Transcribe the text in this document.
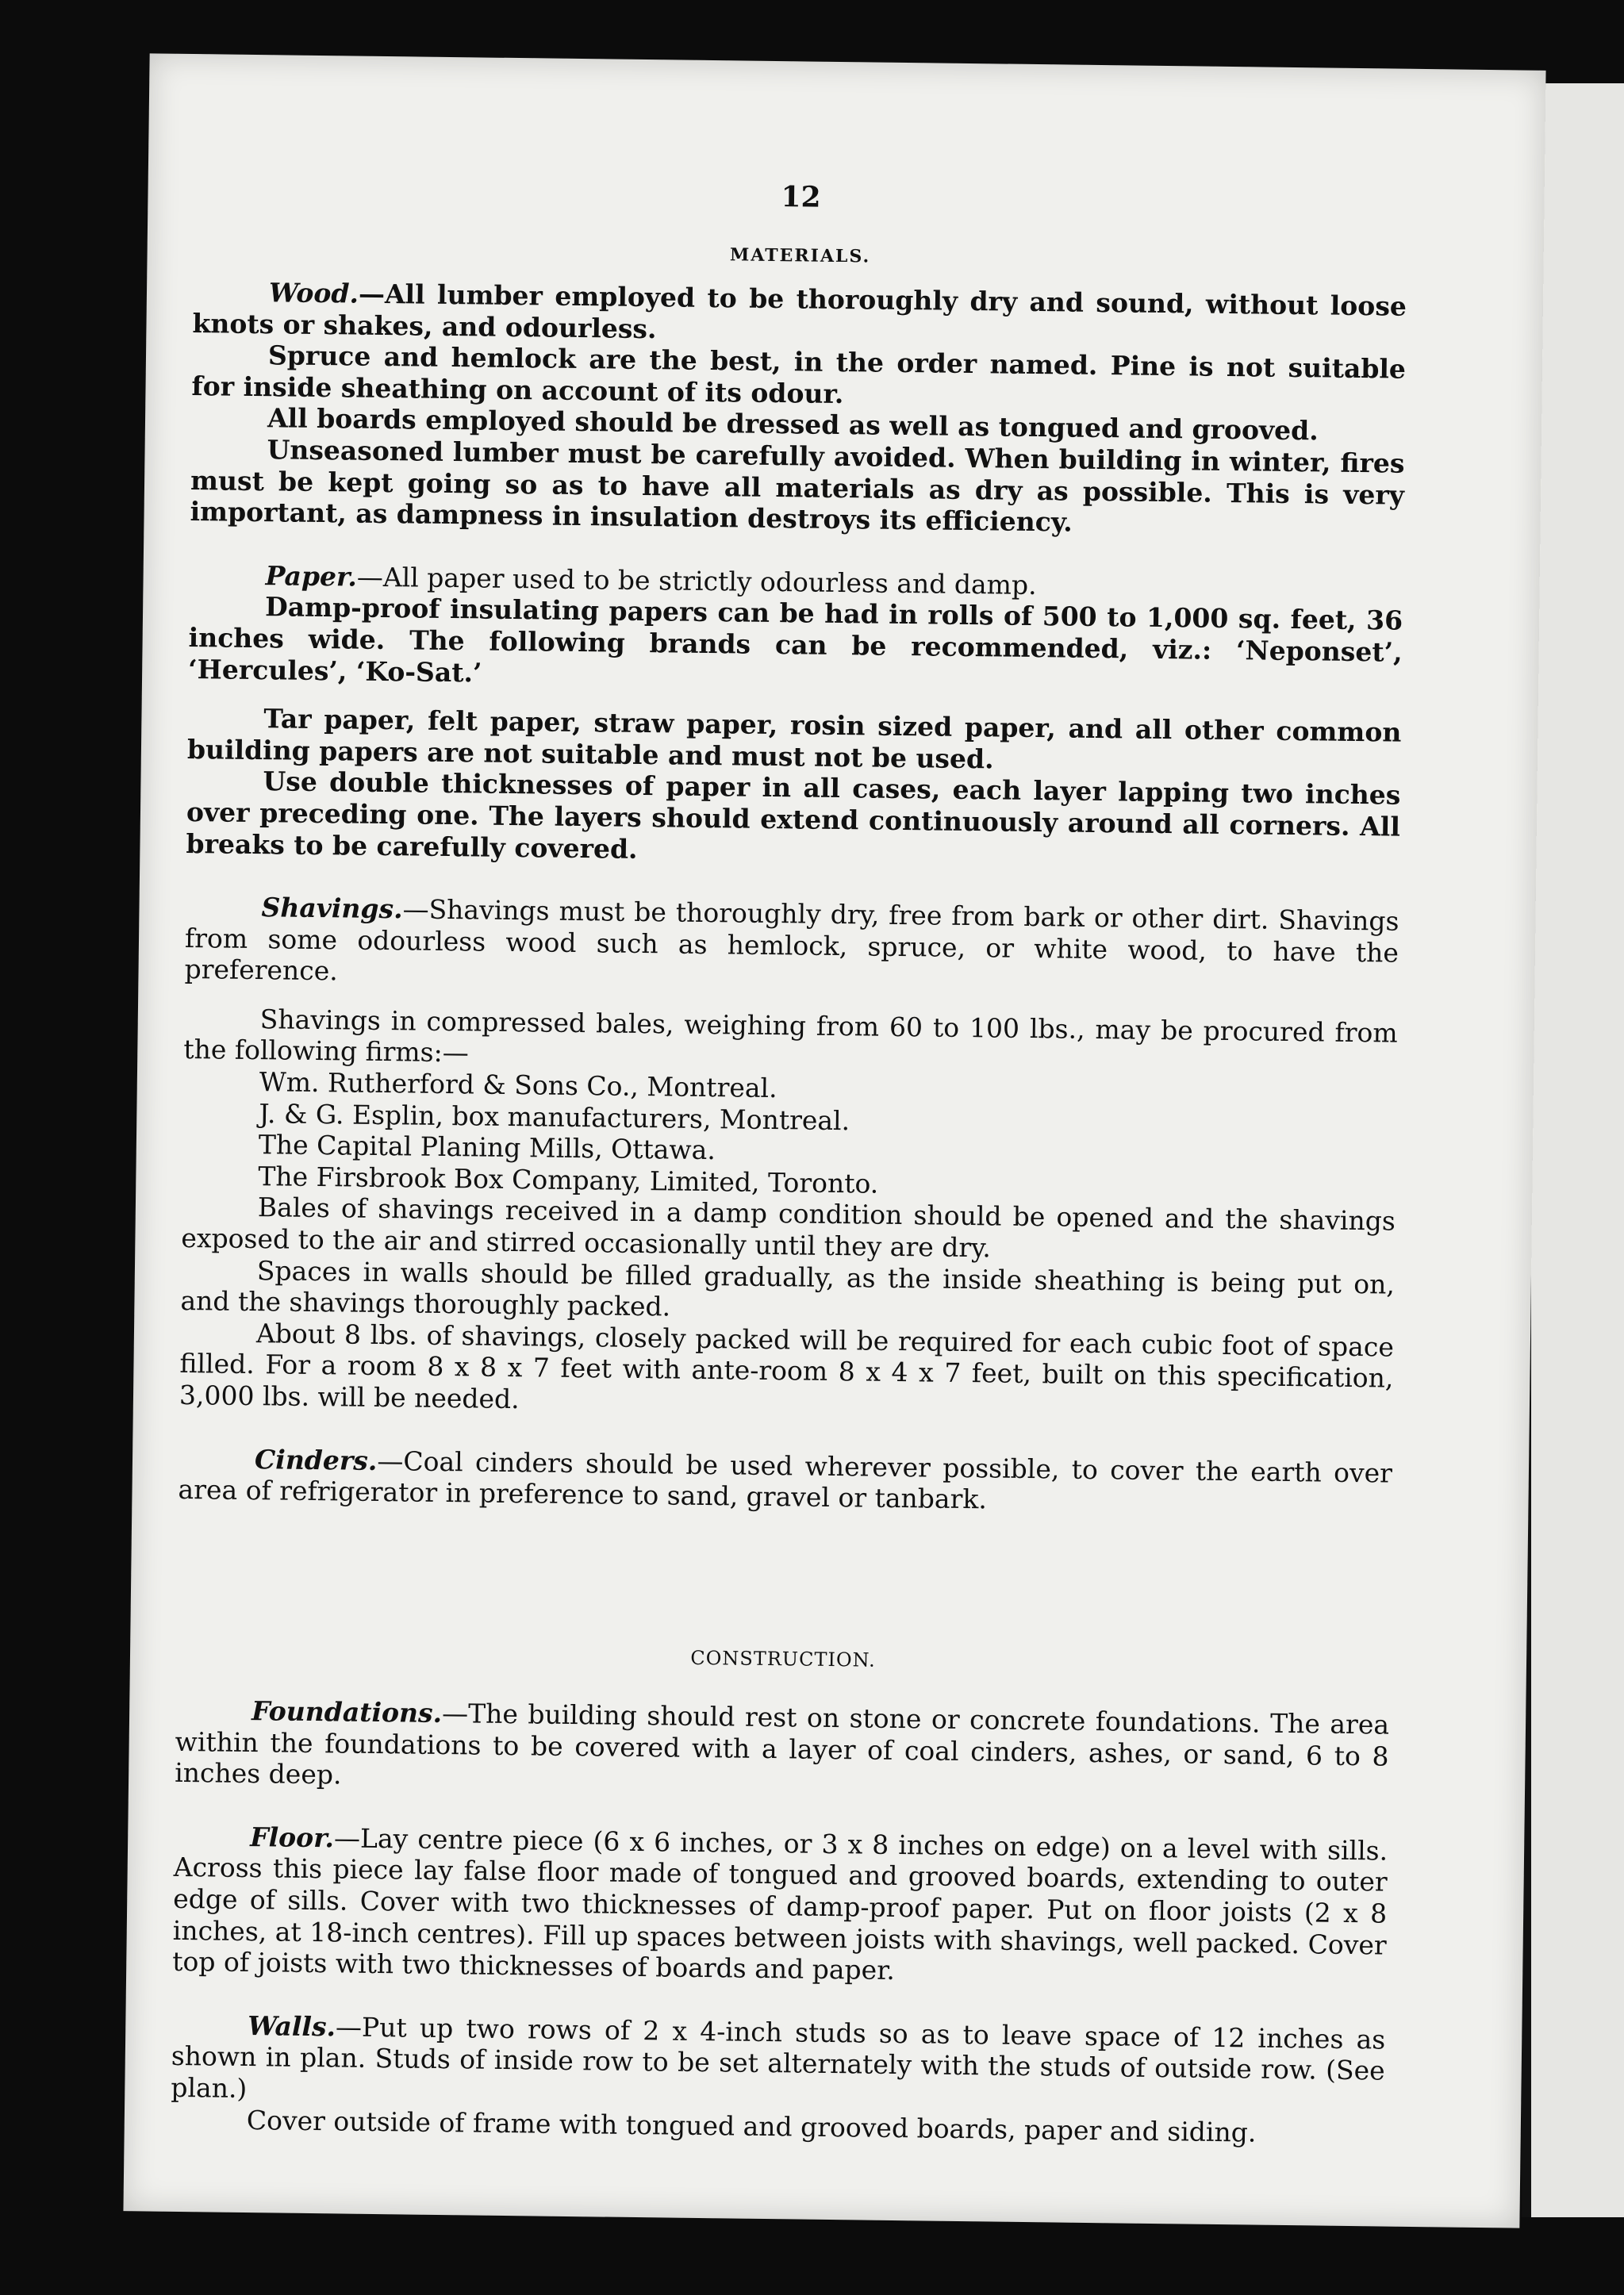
12
MATERIALS.

Wood.—All lumber employed to be thoroughly dry and sound, without loose knots or shakes, and odourless.

Spruce and hemlock are the best, in the order named. Pine is not suitable for inside sheathing on account of its odour.

All boards employed should be dressed as well as tongued and grooved.

Unseasoned lumber must be carefully avoided. When building in winter, fires must be kept going so as to have all materials as dry as possible. This is very important, as dampness in insulation destroys its efficiency.

Paper.—All paper used to be strictly odourless and damp.

Damp-proof insulating papers can be had in rolls of 500 to 1,000 sq. feet, 36 inches wide. The following brands can be recommended, viz.: ‘Neponset’, ‘Hercules’, ‘Ko-Sat.’

Tar paper, felt paper, straw paper, rosin sized paper, and all other common building papers are not suitable and must not be used.

Use double thicknesses of paper in all cases, each layer lapping two inches over preceding one. The layers should extend continuously around all corners. All breaks to be carefully covered.

Shavings.—Shavings must be thoroughly dry, free from bark or other dirt. Shavings from some odourless wood such as hemlock, spruce, or white wood, to have the preference.

Shavings in compressed bales, weighing from 60 to 100 lbs., may be procured from the following firms:—

Wm. Rutherford & Sons Co., Montreal.

J. & G. Esplin, box manufacturers, Montreal.

The Capital Planing Mills, Ottawa.

The Firsbrook Box Company, Limited, Toronto.

Bales of shavings received in a damp condition should be opened and the shavings exposed to the air and stirred occasionally until they are dry.

Spaces in walls should be filled gradually, as the inside sheathing is being put on, and the shavings thoroughly packed.

About 8 lbs. of shavings, closely packed will be required for each cubic foot of space filled. For a room 8 x 8 x 7 feet with ante-room 8 x 4 x 7 feet, built on this specification, 3,000 lbs. will be needed.

Cinders.—Coal cinders should be used wherever possible, to cover the earth over area of refrigerator in preference to sand, gravel or tanbark.

CONSTRUCTION.

Foundations.—The building should rest on stone or concrete foundations. The area within the foundations to be covered with a layer of coal cinders, ashes, or sand, 6 to 8 inches deep.

Floor.—Lay centre piece (6 x 6 inches, or 3 x 8 inches on edge) on a level with sills. Across this piece lay false floor made of tongued and grooved boards, extending to outer edge of sills. Cover with two thicknesses of damp-proof paper. Put on floor joists (2 x 8 inches, at 18-inch centres). Fill up spaces between joists with shavings, well packed. Cover top of joists with two thicknesses of boards and paper.

Walls.—Put up two rows of 2 x 4-inch studs so as to leave space of 12 inches as shown in plan. Studs of inside row to be set alternately with the studs of outside row. (See plan.)

Cover outside of frame with tongued and grooved boards, paper and siding.
